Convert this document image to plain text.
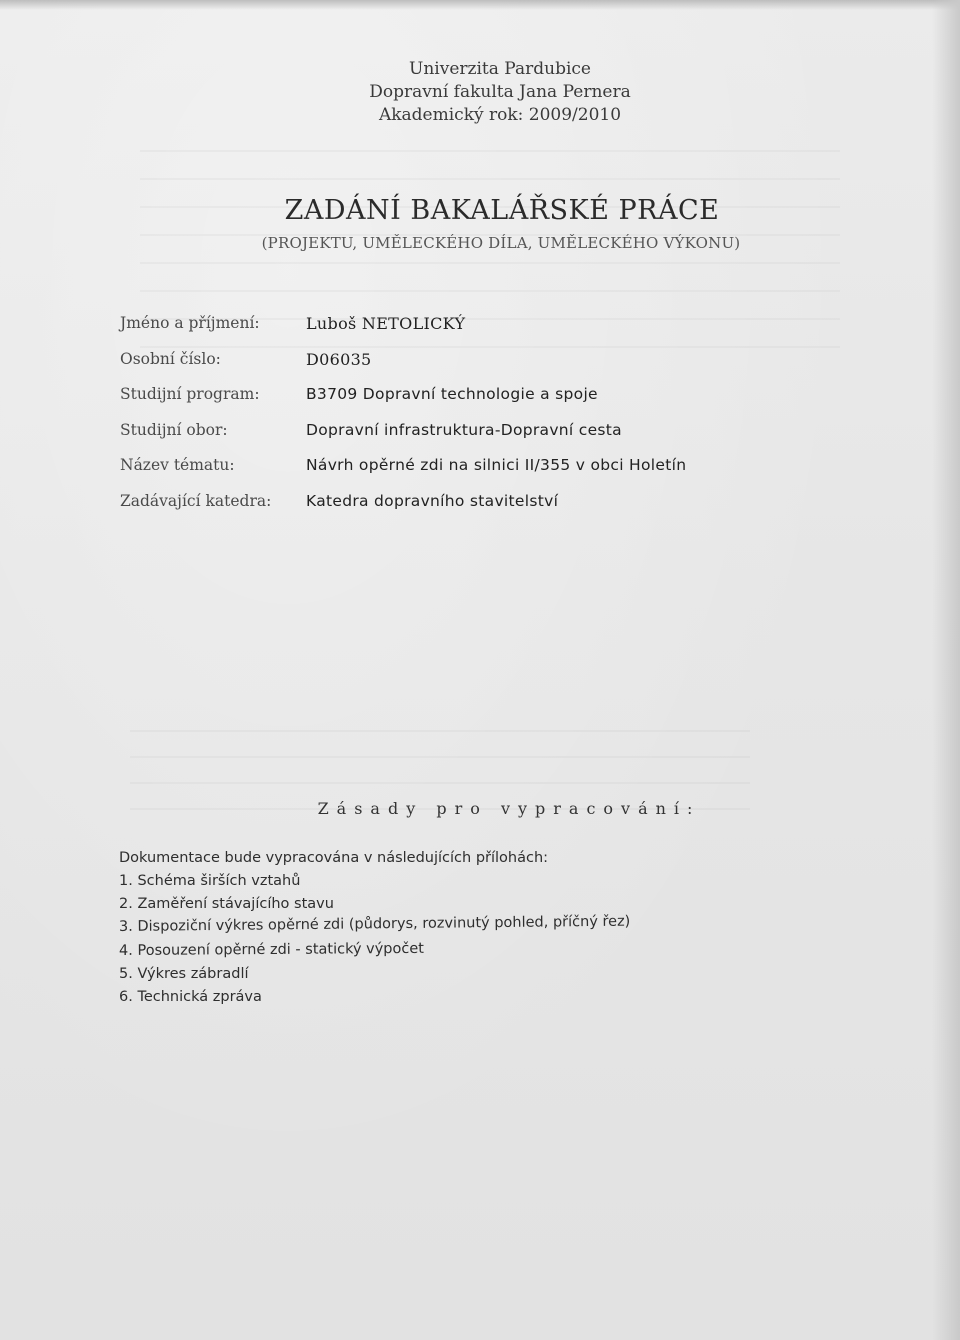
Univerzita Pardubice
Dopravní fakulta Jana Pernera
Akademický rok: 2009/2010
ZADÁNÍ BAKALÁŘSKÉ PRÁCE
(PROJEKTU, UMĚLECKÉHO DÍLA, UMĚLECKÉHO VÝKONU)
Jméno a příjmení:	Luboš NETOLICKÝ
Osobní číslo:	D06035
Studijní program:	B3709 Dopravní technologie a spoje
Studijní obor:	Dopravní infrastruktura-Dopravní cesta
Název tématu:	Návrh opěrné zdi na silnici II/355 v obci Holetín
Zadávající katedra: Katedra dopravního stavitelství
Zásady pro vypracování:
Dokumentace bude vypracována v následujících přílohách:
1. Schéma širších vztahů
2. Zaměření stávajícího stavu
3. Dispoziční výkres opěrné zdi (půdorys, rozvinutý pohled, příčný řez)
4. Posouzení opěrné zdi - statický výpočet
5. Výkres zábradlí
6. Technická zpráva
